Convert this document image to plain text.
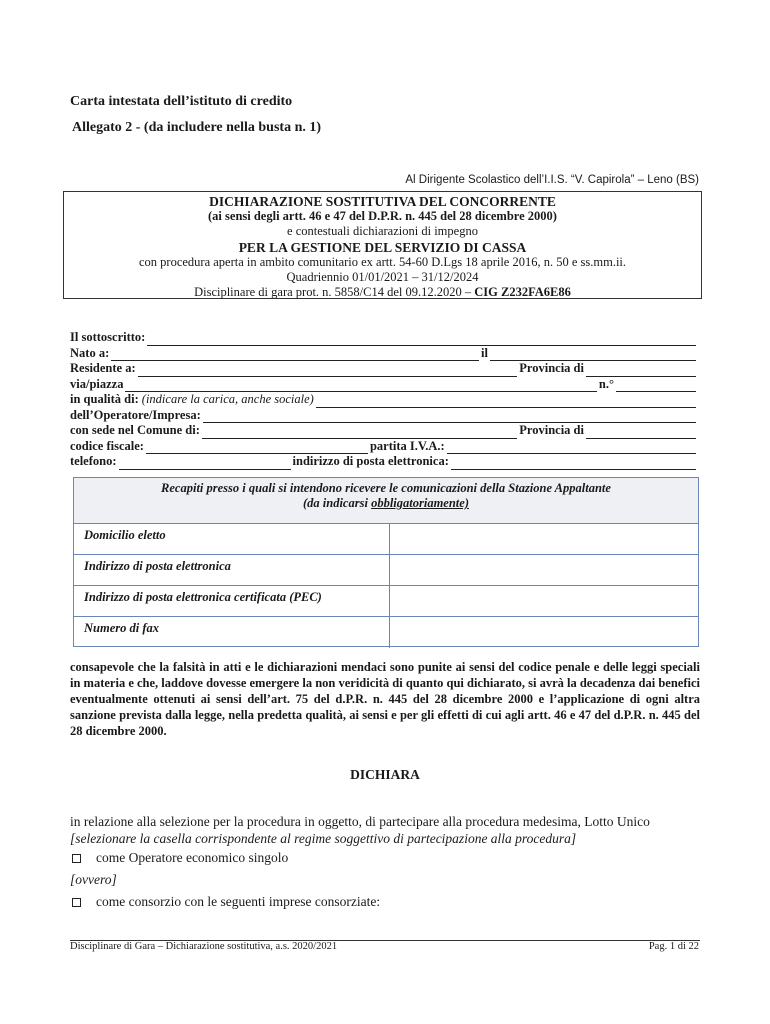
Carta intestata dell’istituto di credito
Allegato 2 - (da includere nella busta n. 1)
Al Dirigente Scolastico dell’I.I.S. “V. Capirola” – Leno (BS)
DICHIARAZIONE SOSTITUTIVA DEL CONCORRENTE
(ai sensi degli artt. 46 e 47 del D.P.R. n. 445 del 28 dicembre 2000)
e contestuali dichiarazioni di impegno
PER LA GESTIONE DEL SERVIZIO DI CASSA
con procedura aperta in ambito comunitario ex artt. 54-60 D.Lgs 18 aprile 2016, n. 50 e ss.mm.ii.
Quadriennio 01/01/2021 – 31/12/2024
Disciplinare di gara prot. n. 5858/C14 del 09.12.2020 – CIG Z232FA6E86
Il sottoscritto:
Nato a:	il
Residente a:	Provincia di
via/piazza	n.°
in qualità di: (indicare la carica, anche sociale)
dell’Operatore/Impresa:
con sede nel Comune di:	Provincia di
codice fiscale:	partita I.V.A.:
telefono:	indirizzo di posta elettronica:
Recapiti presso i quali si intendono ricevere le comunicazioni della Stazione Appaltante
(da indicarsi obbligatoriamente)
Domicilio eletto
Indirizzo di posta elettronica
Indirizzo di posta elettronica certificata (PEC)
Numero di fax
consapevole che la falsità in atti e le dichiarazioni mendaci sono punite ai sensi del codice penale e delle leggi speciali in materia e che, laddove dovesse emergere la non veridicità di quanto qui dichiarato, si avrà la decadenza dai benefici eventualmente ottenuti ai sensi dell’art. 75 del d.P.R. n. 445 del 28 dicembre 2000 e l’applicazione di ogni altra sanzione prevista dalla legge, nella predetta qualità, ai sensi e per gli effetti di cui agli artt. 46 e 47 del d.P.R. n. 445 del 28 dicembre 2000.
DICHIARA
in relazione alla selezione per la procedura in oggetto, di partecipare alla procedura medesima, Lotto Unico
[selezionare la casella corrispondente al regime soggettivo di partecipazione alla procedura]
come Operatore economico singolo
[ovvero]
come consorzio con le seguenti imprese consorziate:
Disciplinare di Gara – Dichiarazione sostitutiva, a.s. 2020/2021	Pag. 1 di 22
